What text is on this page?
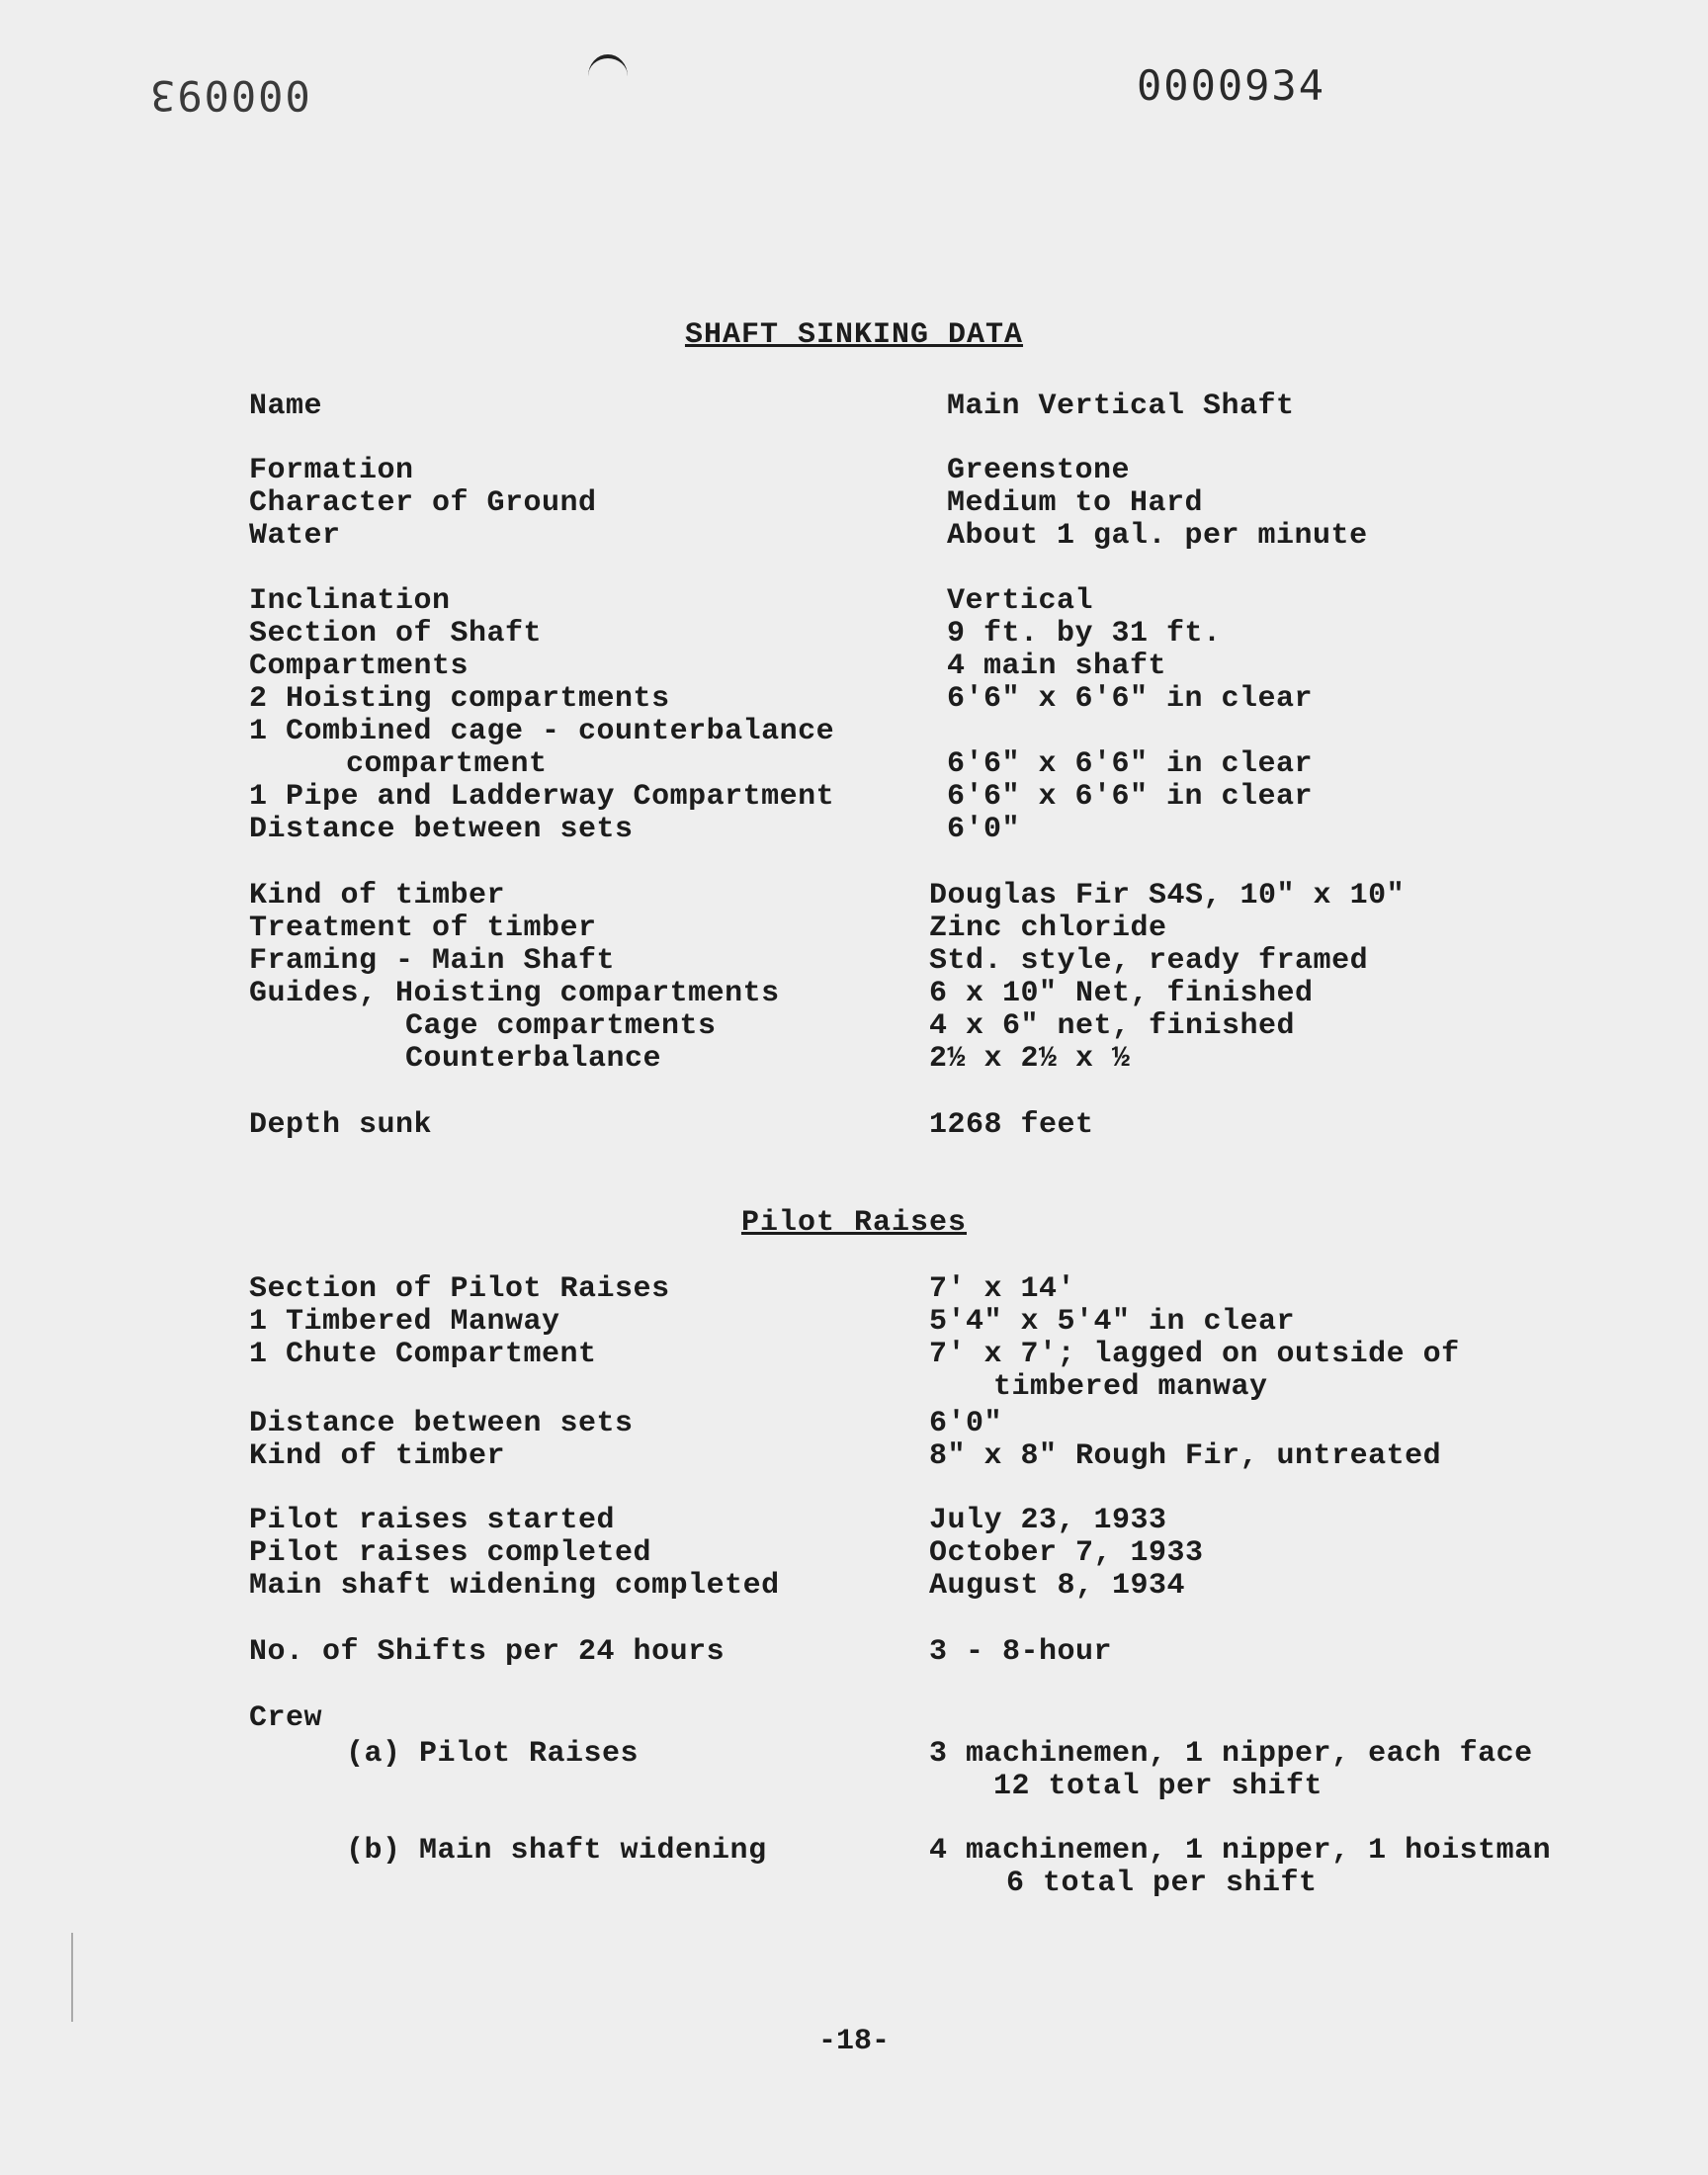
000093	0000934
SHAFT SINKING DATA
Name	Main Vertical Shaft
Formation	Greenstone
Character of Ground	Medium to Hard
Water	About 1 gal. per minute
Inclination	Vertical
Section of Shaft	9 ft. by 31 ft.
Compartments	4 main shaft
2 Hoisting compartments	6'6" x 6'6" in clear
1 Combined cage - counterbalance
compartment	6'6" x 6'6" in clear
1 Pipe and Ladderway Compartment	6'6" x 6'6" in clear
Distance between sets	6'0"
Kind of timber	Douglas Fir S4S, 10" x 10"
Treatment of timber	Zinc chloride
Framing - Main Shaft	Std. style, ready framed
Guides, Hoisting compartments	6 x 10" Net, finished
Cage compartments	4 x 6" net, finished
Counterbalance	2½ x 2½ x ½
Depth sunk	1268 feet
Pilot Raises
Section of Pilot Raises	7' x 14'
1 Timbered Manway	5'4" x 5'4" in clear
1 Chute Compartment	7' x 7'; lagged on outside of
timbered manway
Distance between sets	6'0"
Kind of timber	8" x 8" Rough Fir, untreated
Pilot raises started	July 23, 1933
Pilot raises completed	October 7, 1933
Main shaft widening completed	August 8, 1934
No. of Shifts per 24 hours	3 - 8-hour
Crew
(a) Pilot Raises	3 machinemen, 1 nipper, each face
12 total per shift
(b) Main shaft widening	4 machinemen, 1 nipper, 1 hoistman
6 total per shift
-18-
